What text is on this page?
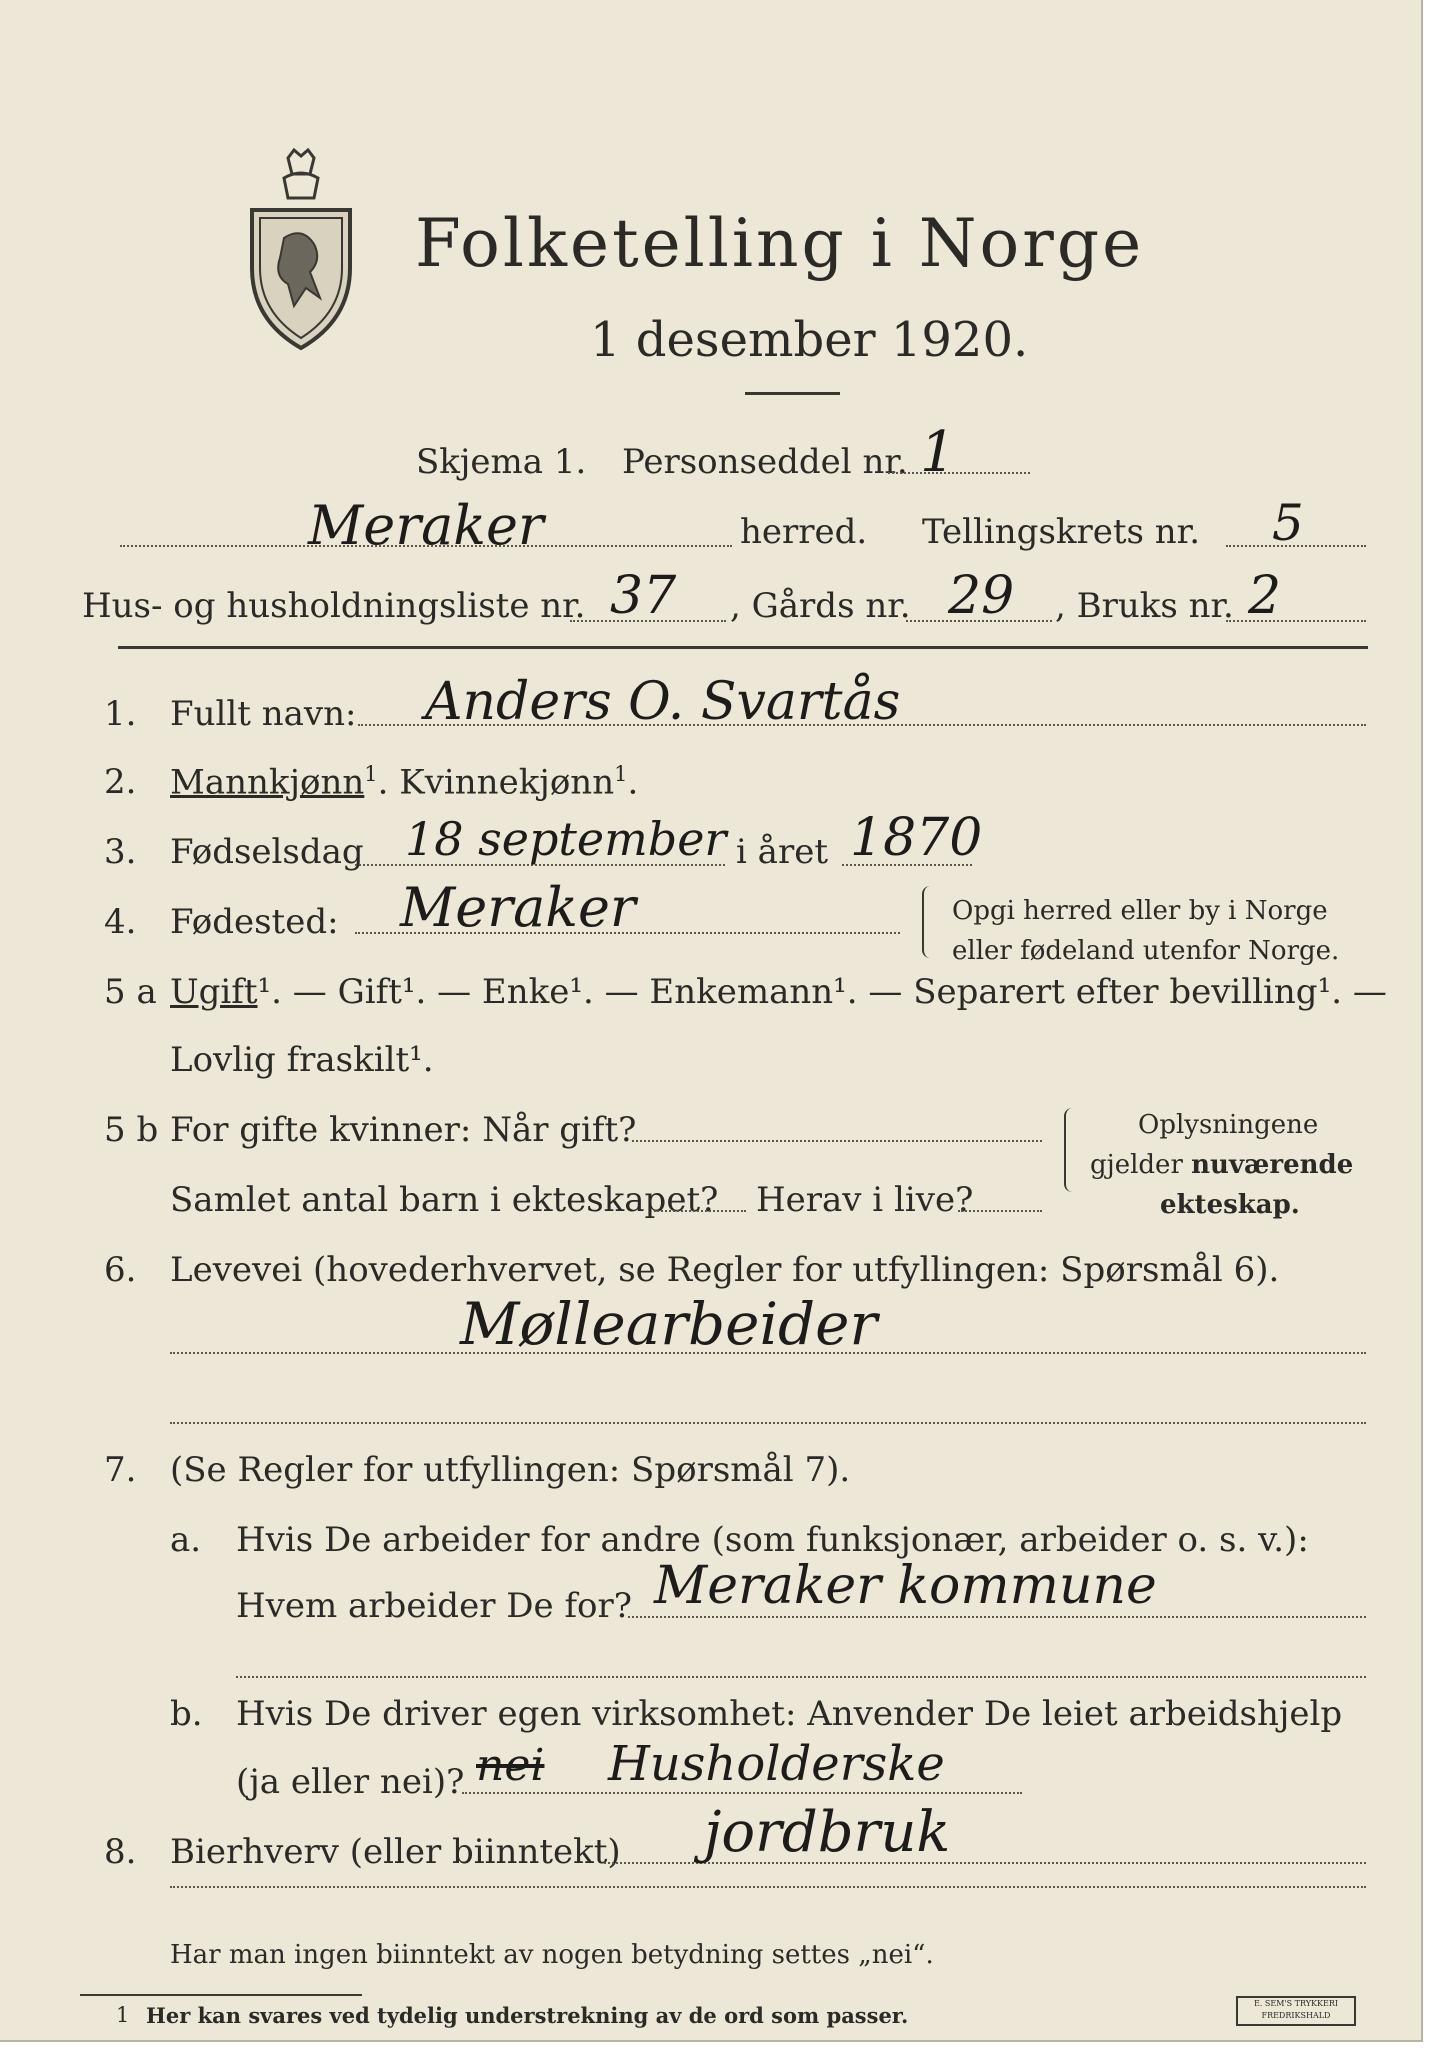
Folketelling i Norge
1 desember 1920.
Skjema 1. Personseddel nr. 1
Meraker	herred. Tellingskrets nr. 5
Hus- og husholdningsliste nr. 37 , Gårds nr. 29 , Bruks nr. 2
1. Fullt navn: Anders O. Svartås
2. Mannkjønn$^1$. Kvinnekjønn$^1$.
3. Fødselsdag 18 september i året 1870
4. Fødested: Meraker	Opgi herred eller by i Norge
eller fødeland utenfor Norge.
5 a Ugift¹. — Gift¹. — Enke¹. — Enkemann¹. — Separert efter bevilling¹. —
Lovlig fraskilt¹.
5 b For gifte kvinner: Når gift?
Samlet antal barn i ekteskapet? Herav i live?
Oplysningene
gjelder nuværende
ekteskap.
6. Levevei (hovederhvervet, se Regler for utfyllingen: Spørsmål 6).
Møllearbeider
7. (Se Regler for utfyllingen: Spørsmål 7).
a. Hvis De arbeider for andre (som funksjonær, arbeider o. s. v.):
Hvem arbeider De for? Meraker kommune
b. Hvis De driver egen virksomhet: Anvender De leiet arbeidshjelp
(ja eller nei)? nei Husholderske
8. Bierhverv (eller biinntekt) jordbruk
Har man ingen biinntekt av nogen betydning settes „nei“.
1 Her kan svares ved tydelig understrekning av de ord som passer.	E. SEM'S TRYKKERI FREDRIKSHALD
